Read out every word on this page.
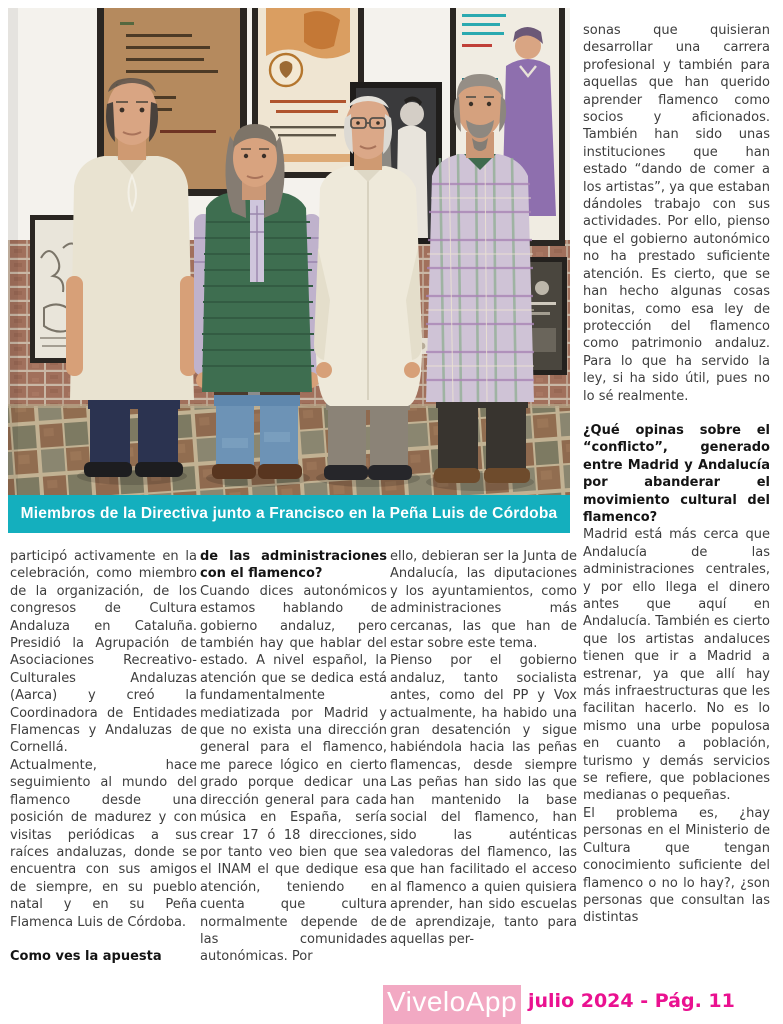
Miembros de la Directiva junto a Francisco en la Peña Luis de Córdoba

participó activamente en la celebración, como miembro de la organización, de los congresos de Cultura Andaluza en Cataluña. Presidió la Agrupación de Asociaciones Recreativo-Culturales Andaluzas (Aarca) y creó la Coordinadora de Entidades Flamencas y Andaluzas de Cornellá.

Actualmente, hace seguimiento al mundo del flamenco desde una posición de madurez y con visitas periódicas a sus raíces andaluzas, donde se encuentra con sus amigos de siempre, en su pueblo natal y en su Peña Flamenca Luis de Córdoba.

Como ves la apuesta

de las administraciones con el flamenco?

Cuando dices autonómicos estamos hablando de gobierno andaluz, pero también hay que hablar del estado. A nivel español, la atención que se dedica está fundamentalmente mediatizada por Madrid y que no exista una dirección general para el flamenco, me parece lógico en cierto grado porque dedicar una dirección general para cada música en España, sería crear 17 ó 18 direcciones, por tanto veo bien que sea el INAM el que dedique esa atención, teniendo en cuenta que cultura normalmente depende de las comunidades autonómicas. Por

ello, debieran ser la Junta de Andalucía, las diputaciones y los ayuntamientos, como administraciones más cercanas, las que han de estar sobre este tema.

Pienso por el gobierno andaluz, tanto socialista antes, como del PP y Vox actualmente, ha habido una gran desatención y sigue habiéndola hacia las peñas flamencas, desde siempre Las peñas han sido las que han mantenido la base social del flamenco, han sido las auténticas valedoras del flamenco, las que han facilitado el acceso al flamenco a quien quisiera aprender, han sido escuelas de aprendizaje, tanto para aquellas per-

sonas que quisieran desarrollar una carrera profesional y también para aquellas que han querido aprender flamenco como socios y aficionados. También han sido unas instituciones que han estado “dando de comer a los artistas”, ya que estaban dándoles trabajo con sus actividades. Por ello, pienso que el gobierno autonómico no ha prestado suficiente atención. Es cierto, que se han hecho algunas cosas bonitas, como esa ley de protección del flamenco como patrimonio andaluz. Para lo que ha servido la ley, si ha sido útil, pues no lo sé realmente.

¿Qué opinas sobre el “conflicto”, generado entre Madrid y Andalucía por abanderar el movimiento cultural del flamenco?

Madrid está más cerca que Andalucía de las administraciones centrales, y por ello llega el dinero antes que aquí en Andalucía. También es cierto que los artistas andaluces tienen que ir a Madrid a estrenar, ya que allí hay más infraestructuras que les facilitan hacerlo. No es lo mismo una urbe populosa en cuanto a población, turismo y demás servicios se refiere, que poblaciones medianas o pequeñas.

El problema es, ¿hay personas en el Ministerio de Cultura que tengan conocimiento suficiente del flamenco o no lo hay?, ¿son personas que consultan las distintas

ViveloApp julio 2024 - Pág. 11
